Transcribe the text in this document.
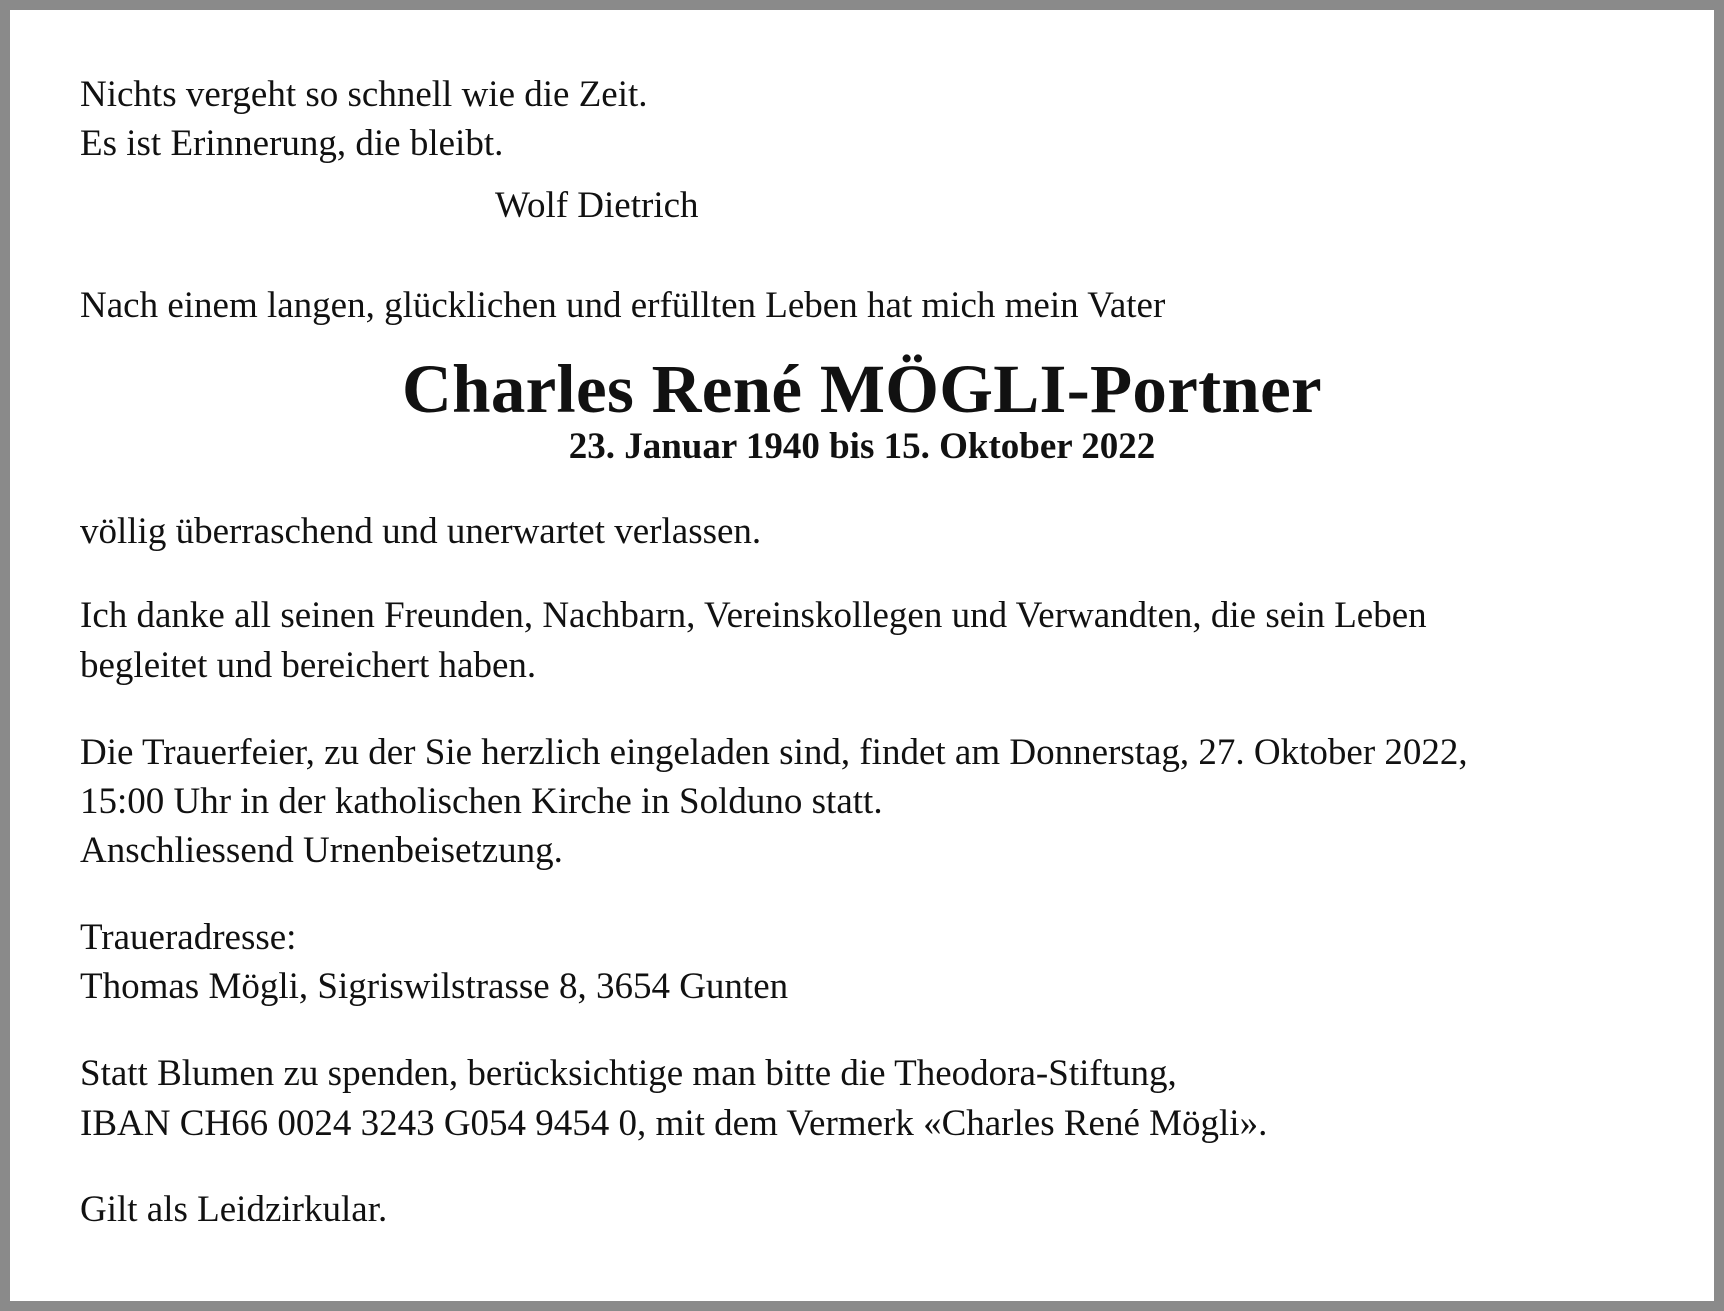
Nichts vergeht so schnell wie die Zeit.
Es ist Erinnerung, die bleibt.
Wolf Dietrich
Nach einem langen, glücklichen und erfüllten Leben hat mich mein Vater
Charles René MÖGLI-Portner
23. Januar 1940 bis 15. Oktober 2022
völlig überraschend und unerwartet verlassen.
Ich danke all seinen Freunden, Nachbarn, Vereinskollegen und Verwandten, die sein Leben
begleitet und bereichert haben.
Die Trauerfeier, zu der Sie herzlich eingeladen sind, findet am Donnerstag, 27. Oktober 2022,
15:00 Uhr in der katholischen Kirche in Solduno statt.
Anschliessend Urnenbeisetzung.
Traueradresse:
Thomas Mögli, Sigriswilstrasse 8, 3654 Gunten
Statt Blumen zu spenden, berücksichtige man bitte die Theodora-Stiftung,
IBAN CH66 0024 3243 G054 9454 0, mit dem Vermerk «Charles René Mögli».
Gilt als Leidzirkular.
